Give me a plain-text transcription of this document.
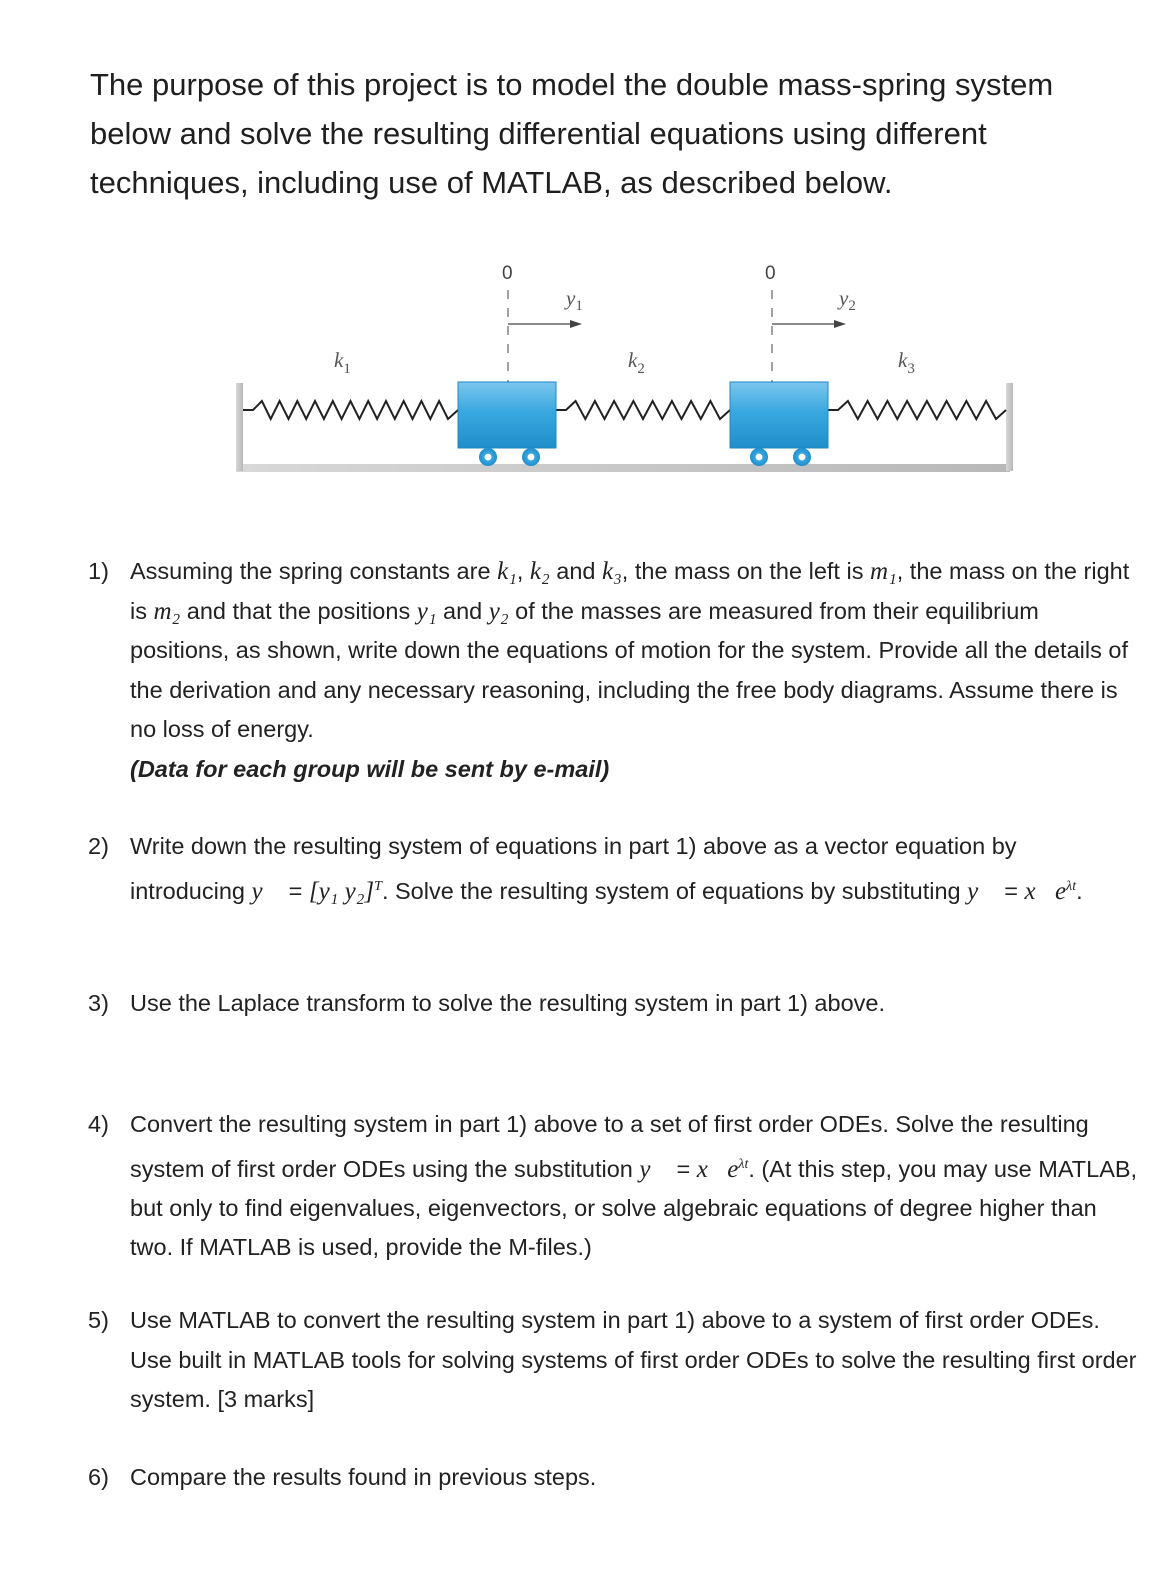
The purpose of this project is to model the double mass-spring system below and solve the resulting differential equations using different techniques, including use of MATLAB, as described below.

0	0
$y_1$	$y_2$
$k_1$	$k_2$	$k_3$
1) Assuming the spring constants are k₁, k₂ and k₃, the mass on the left is m₁, the mass on the right is m₂ and that the positions y₁ and y₂ of the masses are measured from their equilibrium positions, as shown, write down the equations of motion for the system. Provide all the details of the derivation and any necessary reasoning, including the free body diagrams. Assume there is no loss of energy.
(Data for each group will be sent by e-mail)
2) Write down the resulting system of equations in part 1) above as a vector equation by introducing y⃗ = [y₁ y₂]$^T$. Solve the resulting system of equations by substituting y⃗ = $x⃗e^{\lambda t}$.
3) Use the Laplace transform to solve the resulting system in part 1) above.
4) Convert the resulting system in part 1) above to a set of first order ODEs. Solve the resulting system of first order ODEs using the substitution y⃗ = $x⃗e^{\lambda t}$. (At this step, you may use MATLAB, but only to find eigenvalues, eigenvectors, or solve algebraic equations of degree higher than two. If MATLAB is used, provide the M-files.)
5) Use MATLAB to convert the resulting system in part 1) above to a system of first order ODEs. Use built in MATLAB tools for solving systems of first order ODEs to solve the resulting first order system. [3 marks]
6) Compare the results found in previous steps.
